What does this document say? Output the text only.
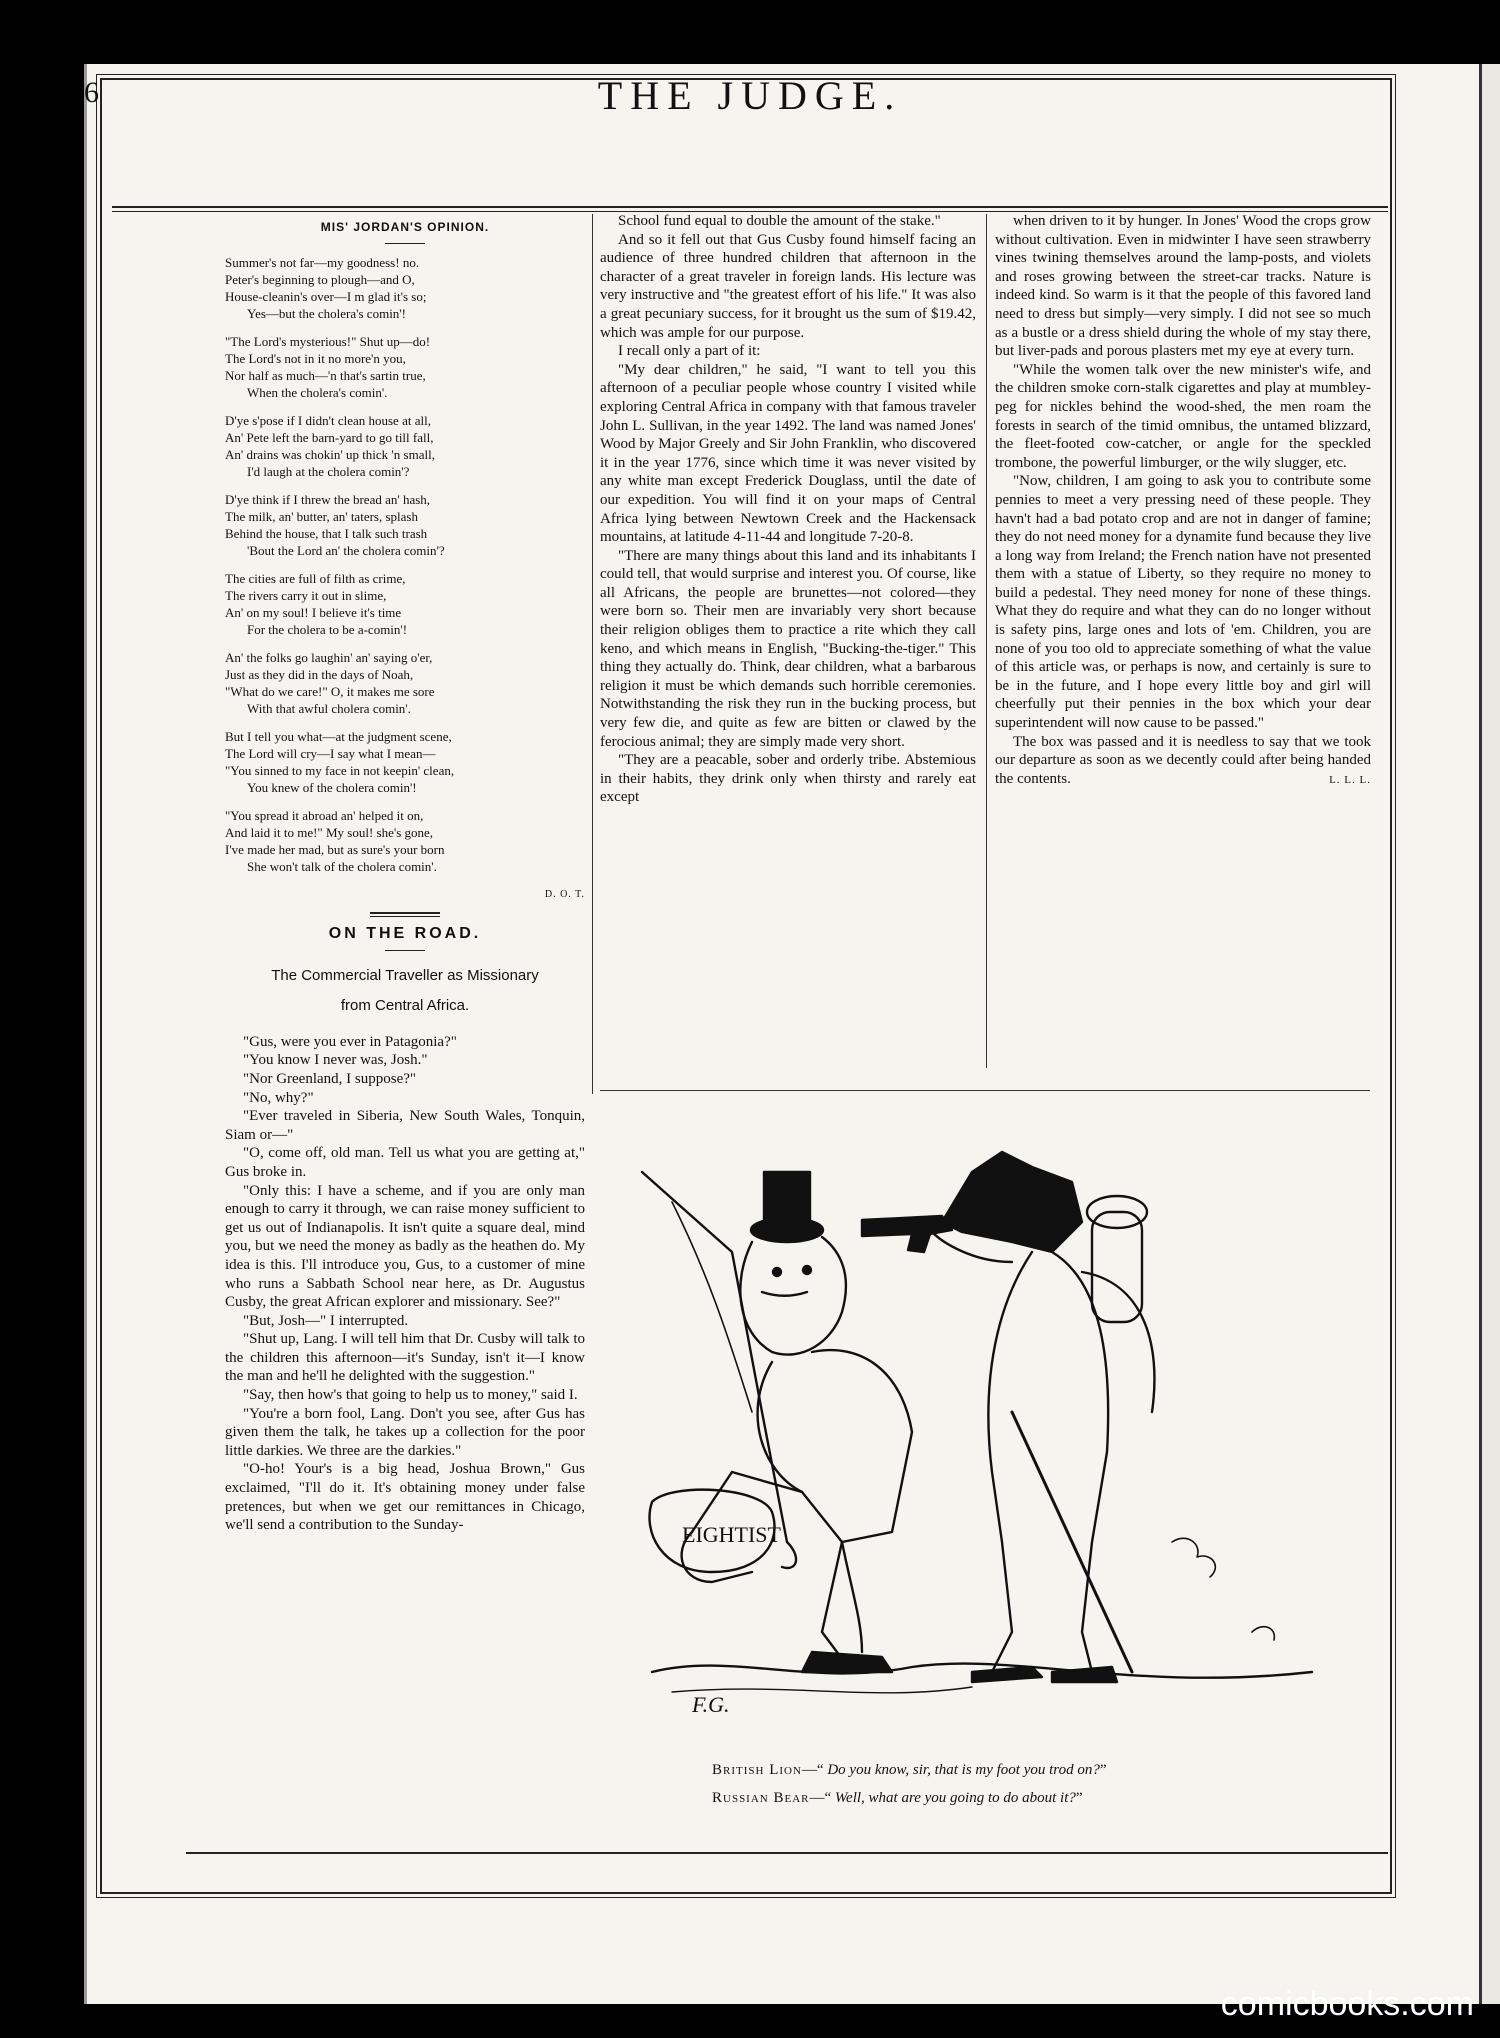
6	THE JUDGE.
MIS' JORDAN'S OPINION.
Summer's not far—my goodness! no.
Peter's beginning to plough—and O,
House-cleanin's over—I m glad it's so;
Yes—but the cholera's comin'!
"The Lord's mysterious!" Shut up—do!
The Lord's not in it no more'n you,
Nor half as much—'n that's sartin true,
When the cholera's comin'.
D'ye s'pose if I didn't clean house at all,
An' Pete left the barn-yard to go till fall,
An' drains was chokin' up thick 'n small,
I'd laugh at the cholera comin'?
D'ye think if I threw the bread an' hash,
The milk, an' butter, an' taters, splash
Behind the house, that I talk such trash
'Bout the Lord an' the cholera comin'?
The cities are full of filth as crime,
The rivers carry it out in slime,
An' on my soul! I believe it's time
For the cholera to be a-comin'!
An' the folks go laughin' an' saying o'er,
Just as they did in the days of Noah,
"What do we care!" O, it makes me sore
With that awful cholera comin'.
But I tell you what—at the judgment scene,
The Lord will cry—I say what I mean—
"You sinned to my face in not keepin' clean,
You knew of the cholera comin'!
"You spread it abroad an' helped it on,
And laid it to me!" My soul! she's gone,
I've made her mad, but as sure's your born
She won't talk of the cholera comin'.
D. O. T.
ON THE ROAD.
The Commercial Traveller as Missionary
from Central Africa.

"Gus, were you ever in Patagonia?"

"You know I never was, Josh."

"Nor Greenland, I suppose?"

"No, why?"

"Ever traveled in Siberia, New South Wales, Tonquin, Siam or—"

"O, come off, old man. Tell us what you are getting at," Gus broke in.

"Only this: I have a scheme, and if you are only man enough to carry it through, we can raise money sufficient to get us out of Indianapolis. It isn't quite a square deal, mind you, but we need the money as badly as the heathen do. My idea is this. I'll introduce you, Gus, to a customer of mine who runs a Sabbath School near here, as Dr. Augustus Cusby, the great African explorer and missionary. See?"

"But, Josh—" I interrupted.

"Shut up, Lang. I will tell him that Dr. Cusby will talk to the children this afternoon—it's Sunday, isn't it—I know the man and he'll he delighted with the suggestion."

"Say, then how's that going to help us to money," said I.

"You're a born fool, Lang. Don't you see, after Gus has given them the talk, he takes up a collection for the poor little darkies. We three are the darkies."

"O-ho! Your's is a big head, Joshua Brown," Gus exclaimed, "I'll do it. It's obtaining money under false pretences, but when we get our remittances in Chicago, we'll send a contribution to the Sunday-

School fund equal to double the amount of the stake."

And so it fell out that Gus Cusby found himself facing an audience of three hundred children that afternoon in the character of a great traveler in foreign lands. His lecture was very instructive and "the greatest effort of his life." It was also a great pecuniary success, for it brought us the sum of $19.42, which was ample for our purpose.

I recall only a part of it:

"My dear children," he said, "I want to tell you this afternoon of a peculiar people whose country I visited while exploring Central Africa in company with that famous traveler John L. Sullivan, in the year 1492. The land was named Jones' Wood by Major Greely and Sir John Franklin, who discovered it in the year 1776, since which time it was never visited by any white man except Frederick Douglass, until the date of our expedition. You will find it on your maps of Central Africa lying between Newtown Creek and the Hackensack mountains, at latitude 4-11-44 and longitude 7-20-8.

"There are many things about this land and its inhabitants I could tell, that would surprise and interest you. Of course, like all Africans, the people are brunettes—not colored—they were born so. Their men are invariably very short because their religion obliges them to practice a rite which they call keno, and which means in English, "Bucking-the-tiger." This thing they actually do. Think, dear children, what a barbarous religion it must be which demands such horrible ceremonies. Notwithstanding the risk they run in the bucking process, but very few die, and quite as few are bitten or clawed by the ferocious animal; they are simply made very short.

"They are a peacable, sober and orderly tribe. Abstemious in their habits, they drink only when thirsty and rarely eat except

when driven to it by hunger. In Jones' Wood the crops grow without cultivation. Even in midwinter I have seen strawberry vines twining themselves around the lamp-posts, and violets and roses growing between the street-car tracks. Nature is indeed kind. So warm is it that the people of this favored land need to dress but simply—very simply. I did not see so much as a bustle or a dress shield during the whole of my stay there, but liver-pads and porous plasters met my eye at every turn.

"While the women talk over the new minister's wife, and the children smoke corn-stalk cigarettes and play at mumbley-peg for nickles behind the wood-shed, the men roam the forests in search of the timid omnibus, the untamed blizzard, the fleet-footed cow-catcher, or angle for the speckled trombone, the powerful limburger, or the wily slugger, etc.

"Now, children, I am going to ask you to contribute some pennies to meet a very pressing need of these people. They havn't had a bad potato crop and are not in danger of famine; they do not need money for a dynamite fund because they live a long way from Ireland; the French nation have not presented them with a statue of Liberty, so they require no money to build a pedestal. They need money for none of these things. What they do require and what they can do no longer without is safety pins, large ones and lots of 'em. Children, you are none of you too old to appreciate something of what the value of this article was, or perhaps is now, and certainly is sure to be in the future, and I hope every little boy and girl will cheerfully put their pennies in the box which your dear superintendent will now cause to be passed."

The box was passed and it is needless to say that we took our departure as soon as we decently could after being handed the contents.	L. L. L.
EIGHTIST
F.G.
British Lion—“ Do you know, sir, that is my foot you trod on?”
Russian Bear—“ Well, what are you going to do about it?”
comicbooks.com
